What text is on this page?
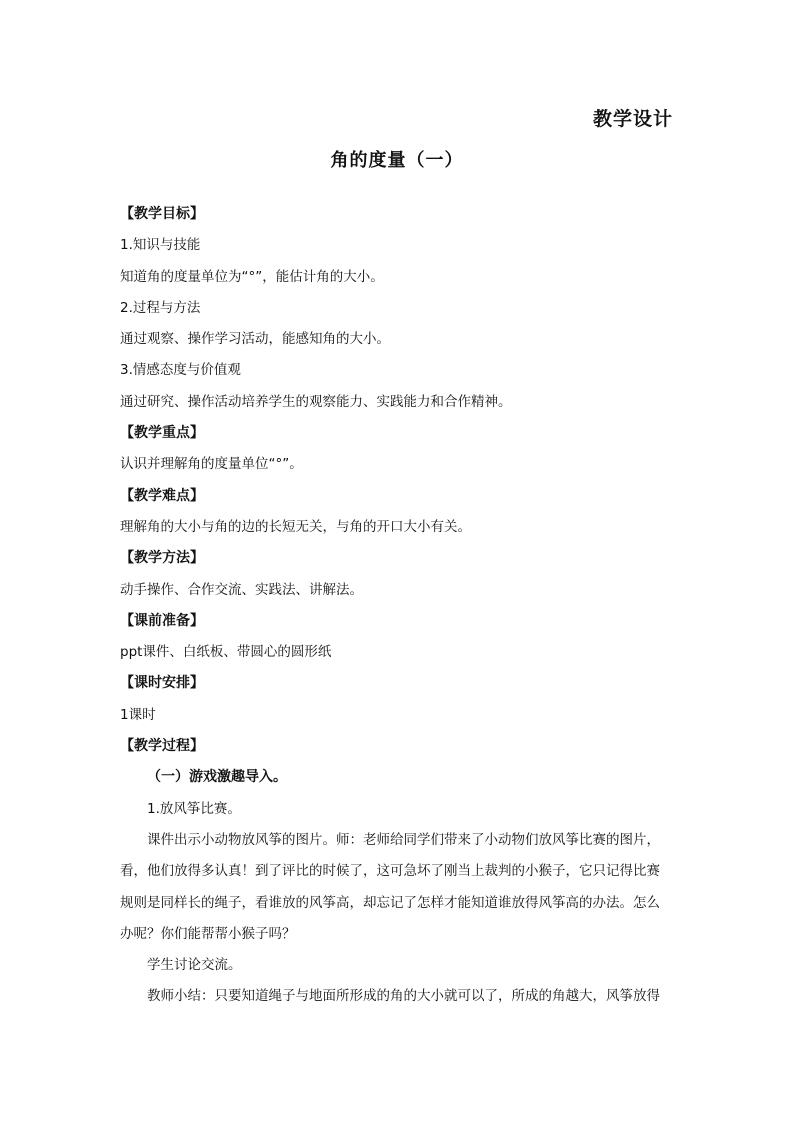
教学设计
角的度量（一）
【教学目标】
1.知识与技能
知道角的度量单位为“°”，能估计角的大小。
2.过程与方法
通过观察、操作学习活动，能感知角的大小。
3.情感态度与价值观
通过研究、操作活动培养学生的观察能力、实践能力和合作精神。
【教学重点】
认识并理解角的度量单位“°”。
【教学难点】
理解角的大小与角的边的长短无关，与角的开口大小有关。
【教学方法】
动手操作、合作交流、实践法、讲解法。
【课前准备】
ppt课件、白纸板、带圆心的圆形纸
【课时安排】
1课时
【教学过程】
（一）游戏激趣导入。
1.放风筝比赛。
课件出示小动物放风筝的图片。师：老师给同学们带来了小动物们放风筝比赛的图片，
看，他们放得多认真！到了评比的时候了，这可急坏了刚当上裁判的小猴子，它只记得比赛
规则是同样长的绳子，看谁放的风筝高，却忘记了怎样才能知道谁放得风筝高的办法。怎么
办呢？你们能帮帮小猴子吗？
学生讨论交流。
教师小结：只要知道绳子与地面所形成的角的大小就可以了，所成的角越大，风筝放得
